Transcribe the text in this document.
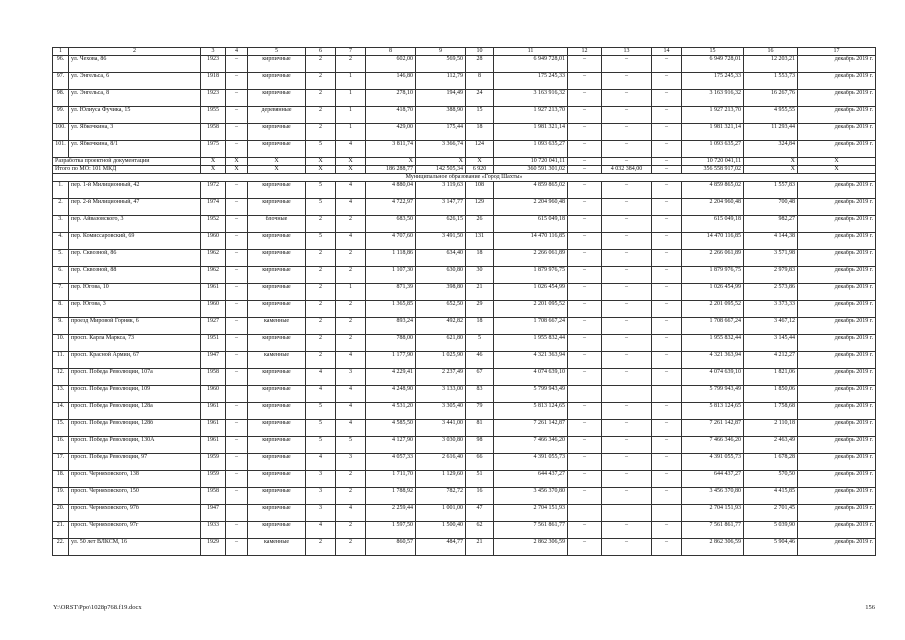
1	2	3	4	5	6	7	8	9	10	11	12	13	14	15	16	17
96.	ул. Чехова, 86	1923	–	кирпичные	2	2	602,00	569,50	28	6 949 728,01	–	–	–	6 949 728,01	12 203,21	декабрь 2019 г.
97.	ул. Энгельса, 6	1918	–	кирпичные	2	1	146,80	112,79	8	175 245,33	–	–	–	175 245,33	1 553,73	декабрь 2019 г.
98.	ул. Энгельса, 8	1923	–	кирпичные	2	1	278,10	194,49	24	3 163 916,32	–	–	–	3 163 916,32	16 267,76	декабрь 2019 г.
99.	ул. Юлиуса Фучика, 15	1955	–	деревянные	2	1	418,70	388,90	15	1 927 213,70	–	–	–	1 927 213,70	4 955,55	декабрь 2019 г.
100.	ул. Ябкочкина, 3	1958	–	кирпичные	2	1	429,00	175,44	18	1 981 321,14	–	–	–	1 981 321,14	11 293,44	декабрь 2019 г.
101.	ул. Ябкочкина, 8/1	1975	–	кирпичные	5	4	3 811,74	3 366,74	124	1 093 635,27	–	–	–	1 093 635,27	324,84	декабрь 2019 г.
Разработка проектной документации		X	X	X	X	X	X	X	X	10 720 041,11	–	–	–	10 720 041,11	X	X
Итого по МО: 101 МКД		X	X	X	X	X	186 288,77	142 505,34	6 920	360 591 301,02	–	4 032 384,00	–	356 558 917,02	X	X
Муниципальное образование «Город Шахты»																
1.	пер. 1-й Милиционный, 42	1972	–	кирпичные	5	4	4 880,04	3 119,63	108	4 859 865,02	–	–	–	4 859 865,02	1 557,83	декабрь 2019 г.
2.	пер. 2-й Милиционный, 47	1974	–	кирпичные	5	4	4 722,97	3 147,77	129	2 204 960,48	–	–	–	2 204 960,48	700,48	декабрь 2019 г.
3.	пер. Айвазовского, 3	1952	–	блочные	2	2	683,50	626,15	26	615 049,18	–	–	–	615 049,18	982,27	декабрь 2019 г.
4.	пер. Комиссаровский, 69	1960	–	кирпичные	5	4	4 707,60	3 491,50	131	14 470 116,85	–	–	–	14 470 116,85	4 144,38	декабрь 2019 г.
5.	пер. Сквозной, 86	1962	–	кирпичные	2	2	1 118,86	634,40	18	2 266 061,89	–	–	–	2 266 061,89	3 571,98	декабрь 2019 г.
6.	пер. Сквозной, 88	1962	–	кирпичные	2	2	1 107,30	630,80	30	1 879 976,75	–	–	–	1 879 976,75	2 979,83	декабрь 2019 г.
7.	пер. Югова, 10	1961	–	кирпичные	2	1	871,39	398,80	21	1 026 454,99	–	–	–	1 026 454,99	2 573,86	декабрь 2019 г.
8.	пер. Югова, 3	1960	–	кирпичные	2	2	1 365,85	652,50	29	2 201 095,52	–	–	–	2 201 095,52	3 373,33	декабрь 2019 г.
9.	проезд Мировой Горняк, 6	1927	–	каменные	2	2	893,24	492,82	18	1 708 667,24	–	–	–	1 708 667,24	3 467,12	декабрь 2019 г.
10.	просп. Карла Маркса, 73	1951	–	кирпичные	2	2	788,00	621,80	5	1 955 832,44	–	–	–	1 955 832,44	3 145,44	декабрь 2019 г.
11.	просп. Красной Армии, 67	1947	–	каменные	2	4	1 177,90	1 025,90	46	4 321 363,94	–	–	–	4 321 363,94	4 212,27	декабрь 2019 г.
12.	просп. Победа Революции, 107а	1958	–	кирпичные	4	3	4 229,41	2 237,49	67	4 074 639,10	–	–	–	4 074 639,10	1 821,06	декабрь 2019 г.
13.	просп. Победа Революции, 109	1960		кирпичные	4	4	4 248,90	3 133,00	83	5 799 943,49				5 799 943,49	1 850,06	декабрь 2019 г.
14.	просп. Победа Революции, 128а	1961	–	кирпичные	5	4	4 531,20	3 305,40	79	5 813 124,65	–	–	–	5 813 124,65	1 758,68	декабрь 2019 г.
15.	просп. Победа Революции, 128б	1961	–	кирпичные	5	4	4 585,50	3 441,00	81	7 261 142,87	–	–	–	7 261 142,87	2 110,18	декабрь 2019 г.
16.	просп. Победа Революции, 130А	1961	–	кирпичные	5	5	4 127,90	3 030,80	98	7 466 346,20	–	–	–	7 466 346,20	2 463,49	декабрь 2019 г.
17.	просп. Победа Революции, 97	1959	–	кирпичные	4	3	4 057,33	2 616,40	66	4 391 055,73	–	–	–	4 391 055,73	1 678,28	декабрь 2019 г.
18.	просп. Черняховского, 138	1959	–	кирпичные	3	2	1 711,70	1 129,60	51	644 437,27	–	–	–	644 437,27	570,50	декабрь 2019 г.
19.	просп. Черняховского, 150	1958	–	кирпичные	3	2	1 788,92	782,72	16	3 456 370,80	–	–	–	3 456 370,80	4 415,85	декабрь 2019 г.
20.	просп. Черняховского, 97б	1947		кирпичные	3	4	2 259,44	1 001,00	47	2 704 151,93				2 704 151,93	2 701,45	декабрь 2019 г.
21.	просп. Черняховского, 97г	1933	–	кирпичные	4	2	1 597,50	1 500,40	62	7 561 861,77	–	–	–	7 561 861,77	5 039,90	декабрь 2019 г.
22.	ул. 50 лет ВЛКСМ, 16	1929	–	каменные	2	2	860,57	484,77	21	2 862 306,59	–	–	–	2 862 306,59	5 904,46	декабрь 2019 г.
Y:\ORST\Ppo\1028p768.f19.docx	156
